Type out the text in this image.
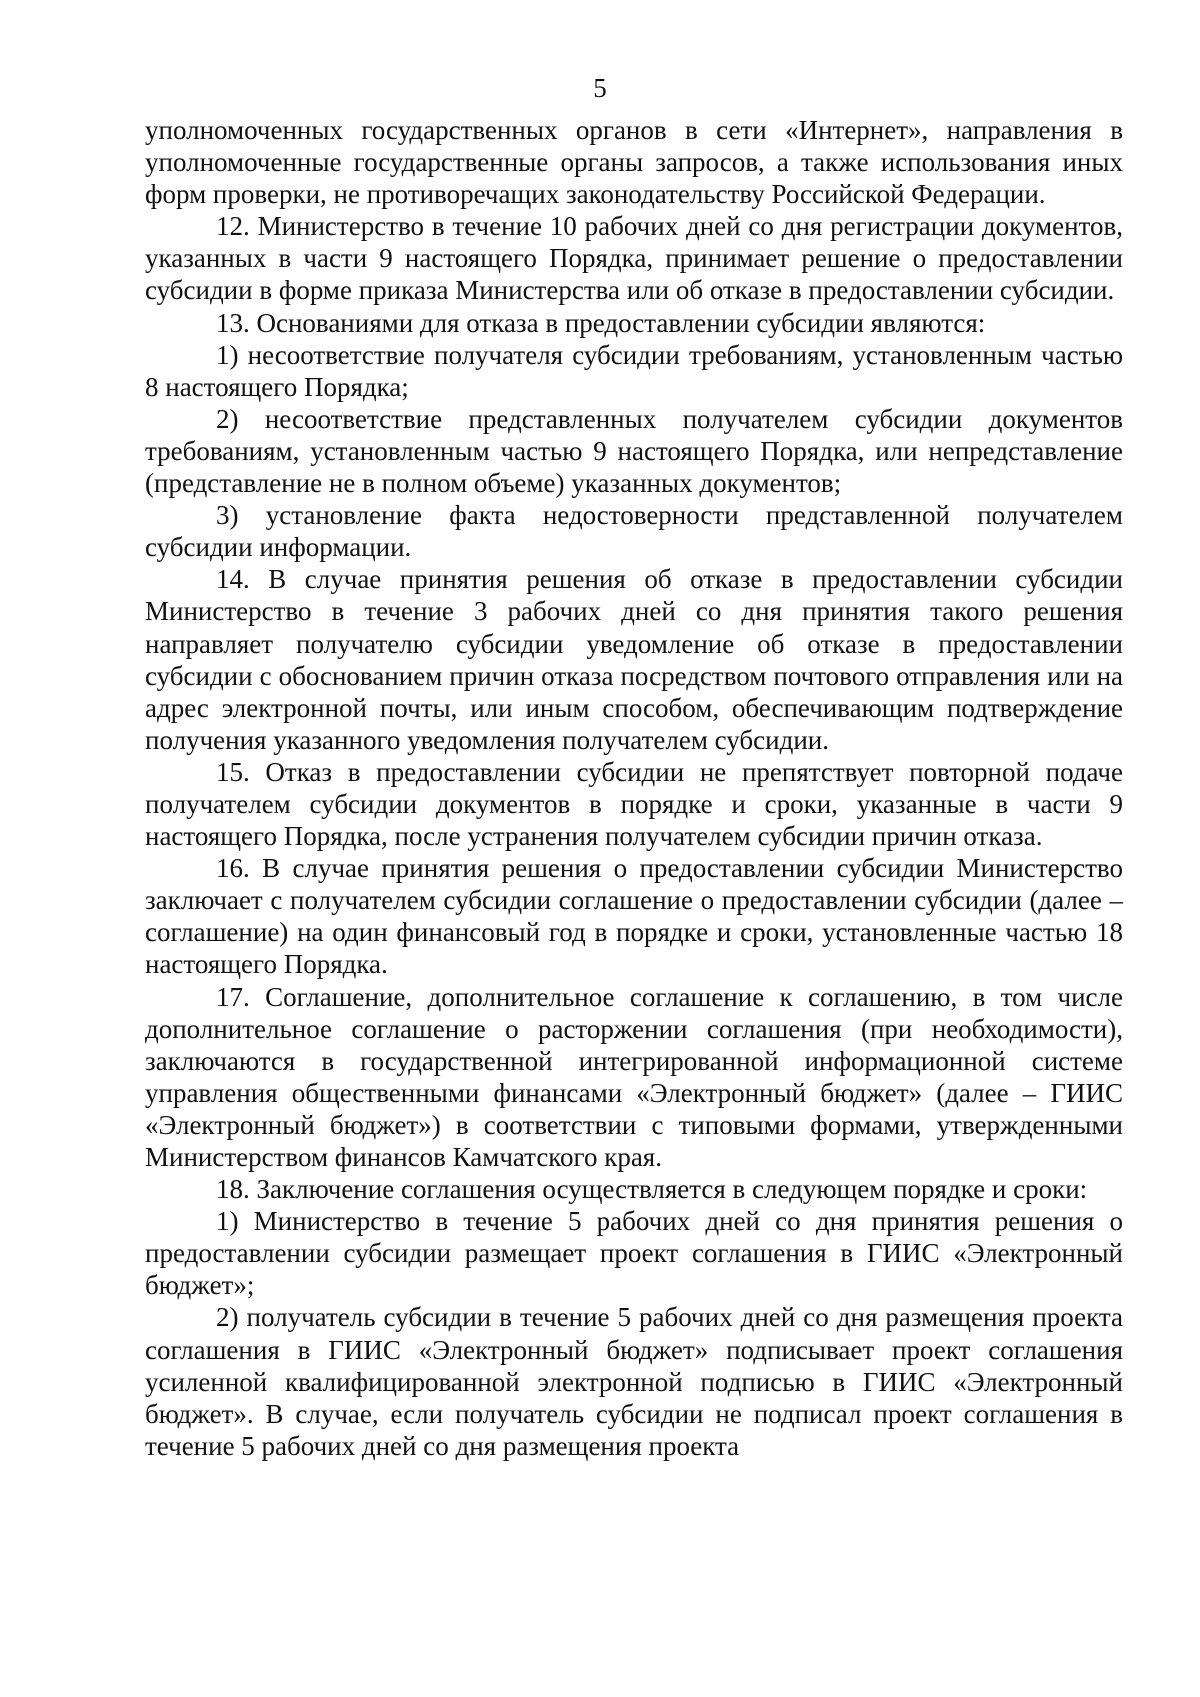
5

уполномоченных государственных органов в сети «Интернет», направления в уполномоченные государственные органы запросов, а также использования иных форм проверки, не противоречащих законодательству Российской Федерации.

12. Министерство в течение 10 рабочих дней со дня регистрации документов, указанных в части 9 настоящего Порядка, принимает решение о предоставлении субсидии в форме приказа Министерства или об отказе в предоставлении субсидии.

13. Основаниями для отказа в предоставлении субсидии являются:

1) несоответствие получателя субсидии требованиям, установленным частью 8 настоящего Порядка;

2) несоответствие представленных получателем субсидии документов требованиям, установленным частью 9 настоящего Порядка, или непредставление (представление не в полном объеме) указанных документов;

3) установление факта недостоверности представленной получателем субсидии информации.

14. В случае принятия решения об отказе в предоставлении субсидии Министерство в течение 3 рабочих дней со дня принятия такого решения направляет получателю субсидии уведомление об отказе в предоставлении субсидии с обоснованием причин отказа посредством почтового отправления или на адрес электронной почты, или иным способом, обеспечивающим подтверждение получения указанного уведомления получателем субсидии.

15. Отказ в предоставлении субсидии не препятствует повторной подаче получателем субсидии документов в порядке и сроки, указанные в части 9 настоящего Порядка, после устранения получателем субсидии причин отказа.

16. В случае принятия решения о предоставлении субсидии Министерство заключает с получателем субсидии соглашение о предоставлении субсидии (далее – соглашение) на один финансовый год в порядке и сроки, установленные частью 18 настоящего Порядка.

17. Соглашение, дополнительное соглашение к соглашению, в том числе дополнительное соглашение о расторжении соглашения (при необходимости), заключаются в государственной интегрированной информационной системе управления общественными финансами «Электронный бюджет» (далее – ГИИС «Электронный бюджет») в соответствии с типовыми формами, утвержденными Министерством финансов Камчатского края.

18. Заключение соглашения осуществляется в следующем порядке и сроки:

1) Министерство в течение 5 рабочих дней со дня принятия решения о предоставлении субсидии размещает проект соглашения в ГИИС «Электронный бюджет»;

2) получатель субсидии в течение 5 рабочих дней со дня размещения проекта соглашения в ГИИС «Электронный бюджет» подписывает проект соглашения усиленной квалифицированной электронной подписью в ГИИС «Электронный бюджет». В случае, если получатель субсидии не подписал проект соглашения в течение 5 рабочих дней со дня размещения проекта
